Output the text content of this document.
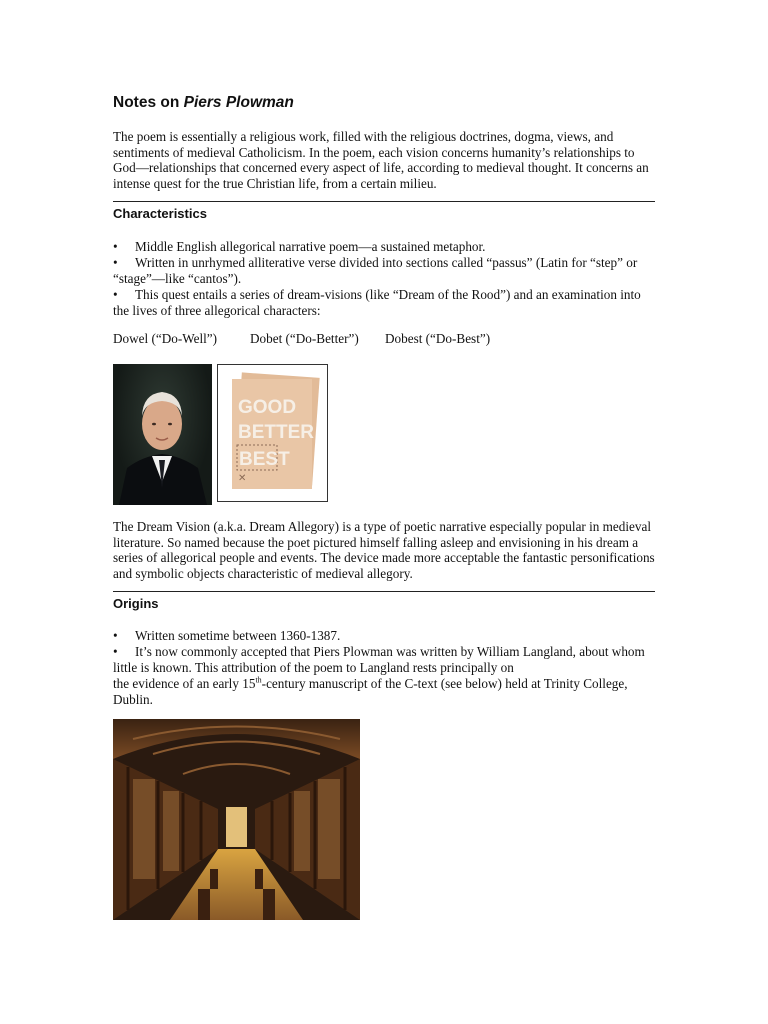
Notes on Piers Plowman

The poem is essentially a religious work, filled with the religious doctrines, dogma, views, and sentiments of medieval Catholicism. In the poem, each vision concerns humanity’s relationships to God—relationships that concerned every aspect of life, according to medieval thought. It concerns an intense quest for the true Christian life, from a certain milieu.

Characteristics
• Middle English allegorical narrative poem—a sustained metaphor.
• Written in unrhymed alliterative verse divided into sections called “passus” (Latin for “step” or “stage”—like “cantos”).
• This quest entails a series of dream-visions (like “Dream of the Rood”) and an examination into the lives of three allegorical characters:
Dowel (“Do-Well”)	Dobet (“Do-Better”)	Dobest (“Do-Best”)
GOOD
BETTER
BEST
✕

The Dream Vision (a.k.a. Dream Allegory) is a type of poetic narrative especially popular in medieval literature. So named because the poet pictured himself falling asleep and envisioning in his dream a series of allegorical people and events. The device made more acceptable the fantastic personifications and symbolic objects characteristic of medieval allegory.

Origins
• Written sometime between 1360-1387.
• It’s now commonly accepted that Piers Plowman was written by William Langland, about whom little is known. This attribution of the poem to Langland rests principally on
the evidence of an early 15th-century manuscript of the C-text (see below) held at Trinity College, Dublin.
